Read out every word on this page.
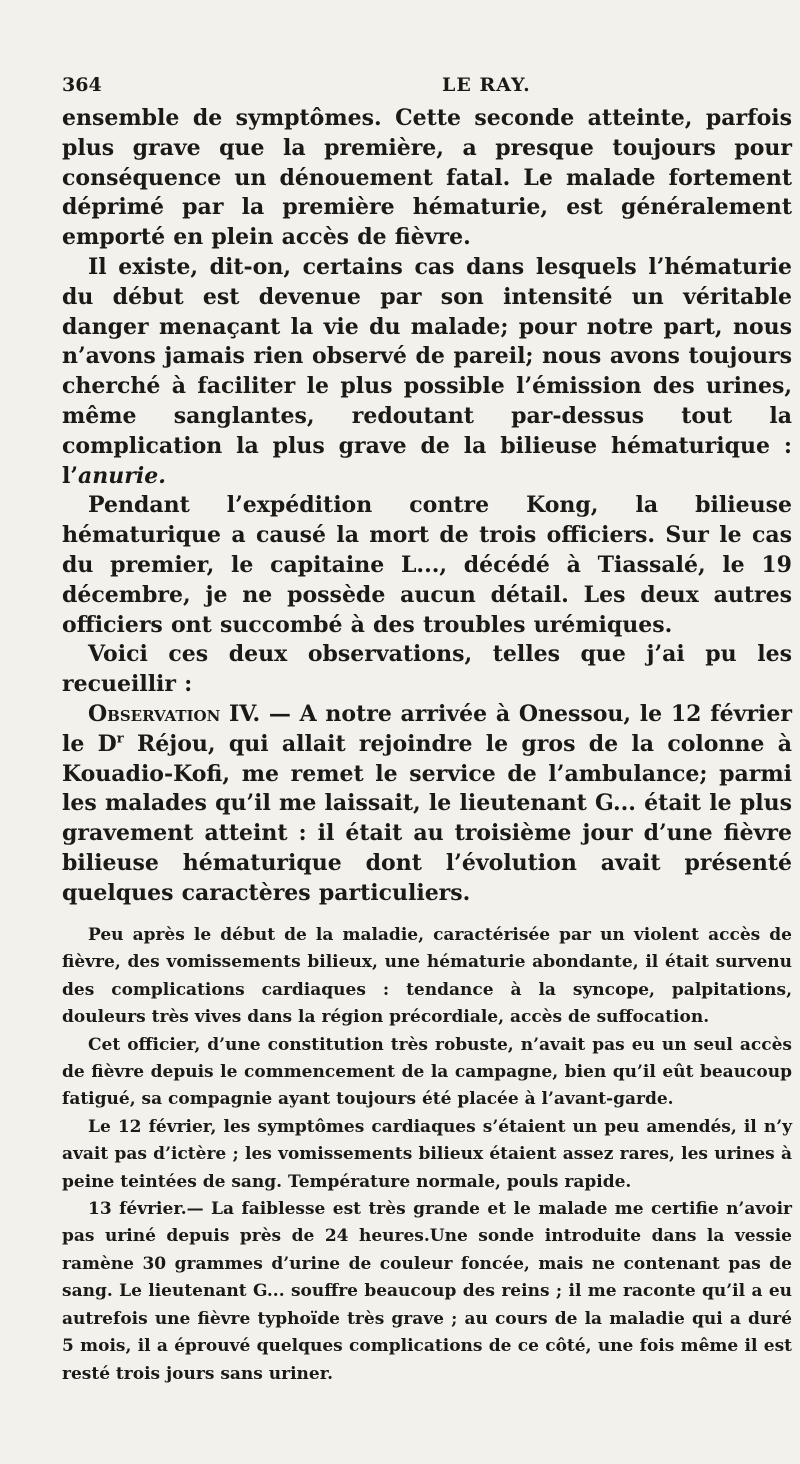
364	LE RAY.

ensemble de symptômes. Cette seconde atteinte, parfois plus grave que la première, a presque toujours pour conséquence un dénouement fatal. Le malade fortement déprimé par la première hématurie, est généralement emporté en plein accès de fièvre.

Il existe, dit-on, certains cas dans lesquels l’hématurie du début est devenue par son intensité un véritable danger menaçant la vie du malade; pour notre part, nous n’avons jamais rien observé de pareil; nous avons toujours cherché à faciliter le plus possible l’émission des urines, même sanglantes, redoutant par-dessus tout la complication la plus grave de la bilieuse hématurique : l’anurie.

Pendant l’expédition contre Kong, la bilieuse hématurique a causé la mort de trois officiers. Sur le cas du premier, le capitaine L..., décédé à Tiassalé, le 19 décembre, je ne possède aucun détail. Les deux autres officiers ont succombé à des troubles urémiques.

Voici ces deux observations, telles que j’ai pu les recueillir :

Observation IV. — A notre arrivée à Onessou, le 12 février le $D^r$ Réjou, qui allait rejoindre le gros de la colonne à Kouadio-Kofi, me remet le service de l’ambulance; parmi les malades qu’il me laissait, le lieutenant G... était le plus gravement atteint : il était au troisième jour d’une fièvre bilieuse hématurique dont l’évolution avait présenté quelques caractères particuliers.

Peu après le début de la maladie, caractérisée par un violent accès de fièvre, des vomissements bilieux, une hématurie abondante, il était survenu des complications cardiaques : tendance à la syncope, palpitations, douleurs très vives dans la région précordiale, accès de suffocation.

Cet officier, d’une constitution très robuste, n’avait pas eu un seul accès de fièvre depuis le commencement de la campagne, bien qu’il eût beaucoup fatigué, sa compagnie ayant toujours été placée à l’avant-garde.

Le 12 février, les symptômes cardiaques s’étaient un peu amendés, il n’y avait pas d’ictère ; les vomissements bilieux étaient assez rares, les urines à peine teintées de sang. Température normale, pouls rapide.

13 février.— La faiblesse est très grande et le malade me certifie n’avoir pas uriné depuis près de 24 heures.Une sonde introduite dans la vessie ramène 30 grammes d’urine de couleur foncée, mais ne contenant pas de sang. Le lieutenant G... souffre beaucoup des reins ; il me raconte qu’il a eu autrefois une fièvre typhoïde très grave ; au cours de la maladie qui a duré 5 mois, il a éprouvé quelques complications de ce côté, une fois même il est resté trois jours sans uriner.
